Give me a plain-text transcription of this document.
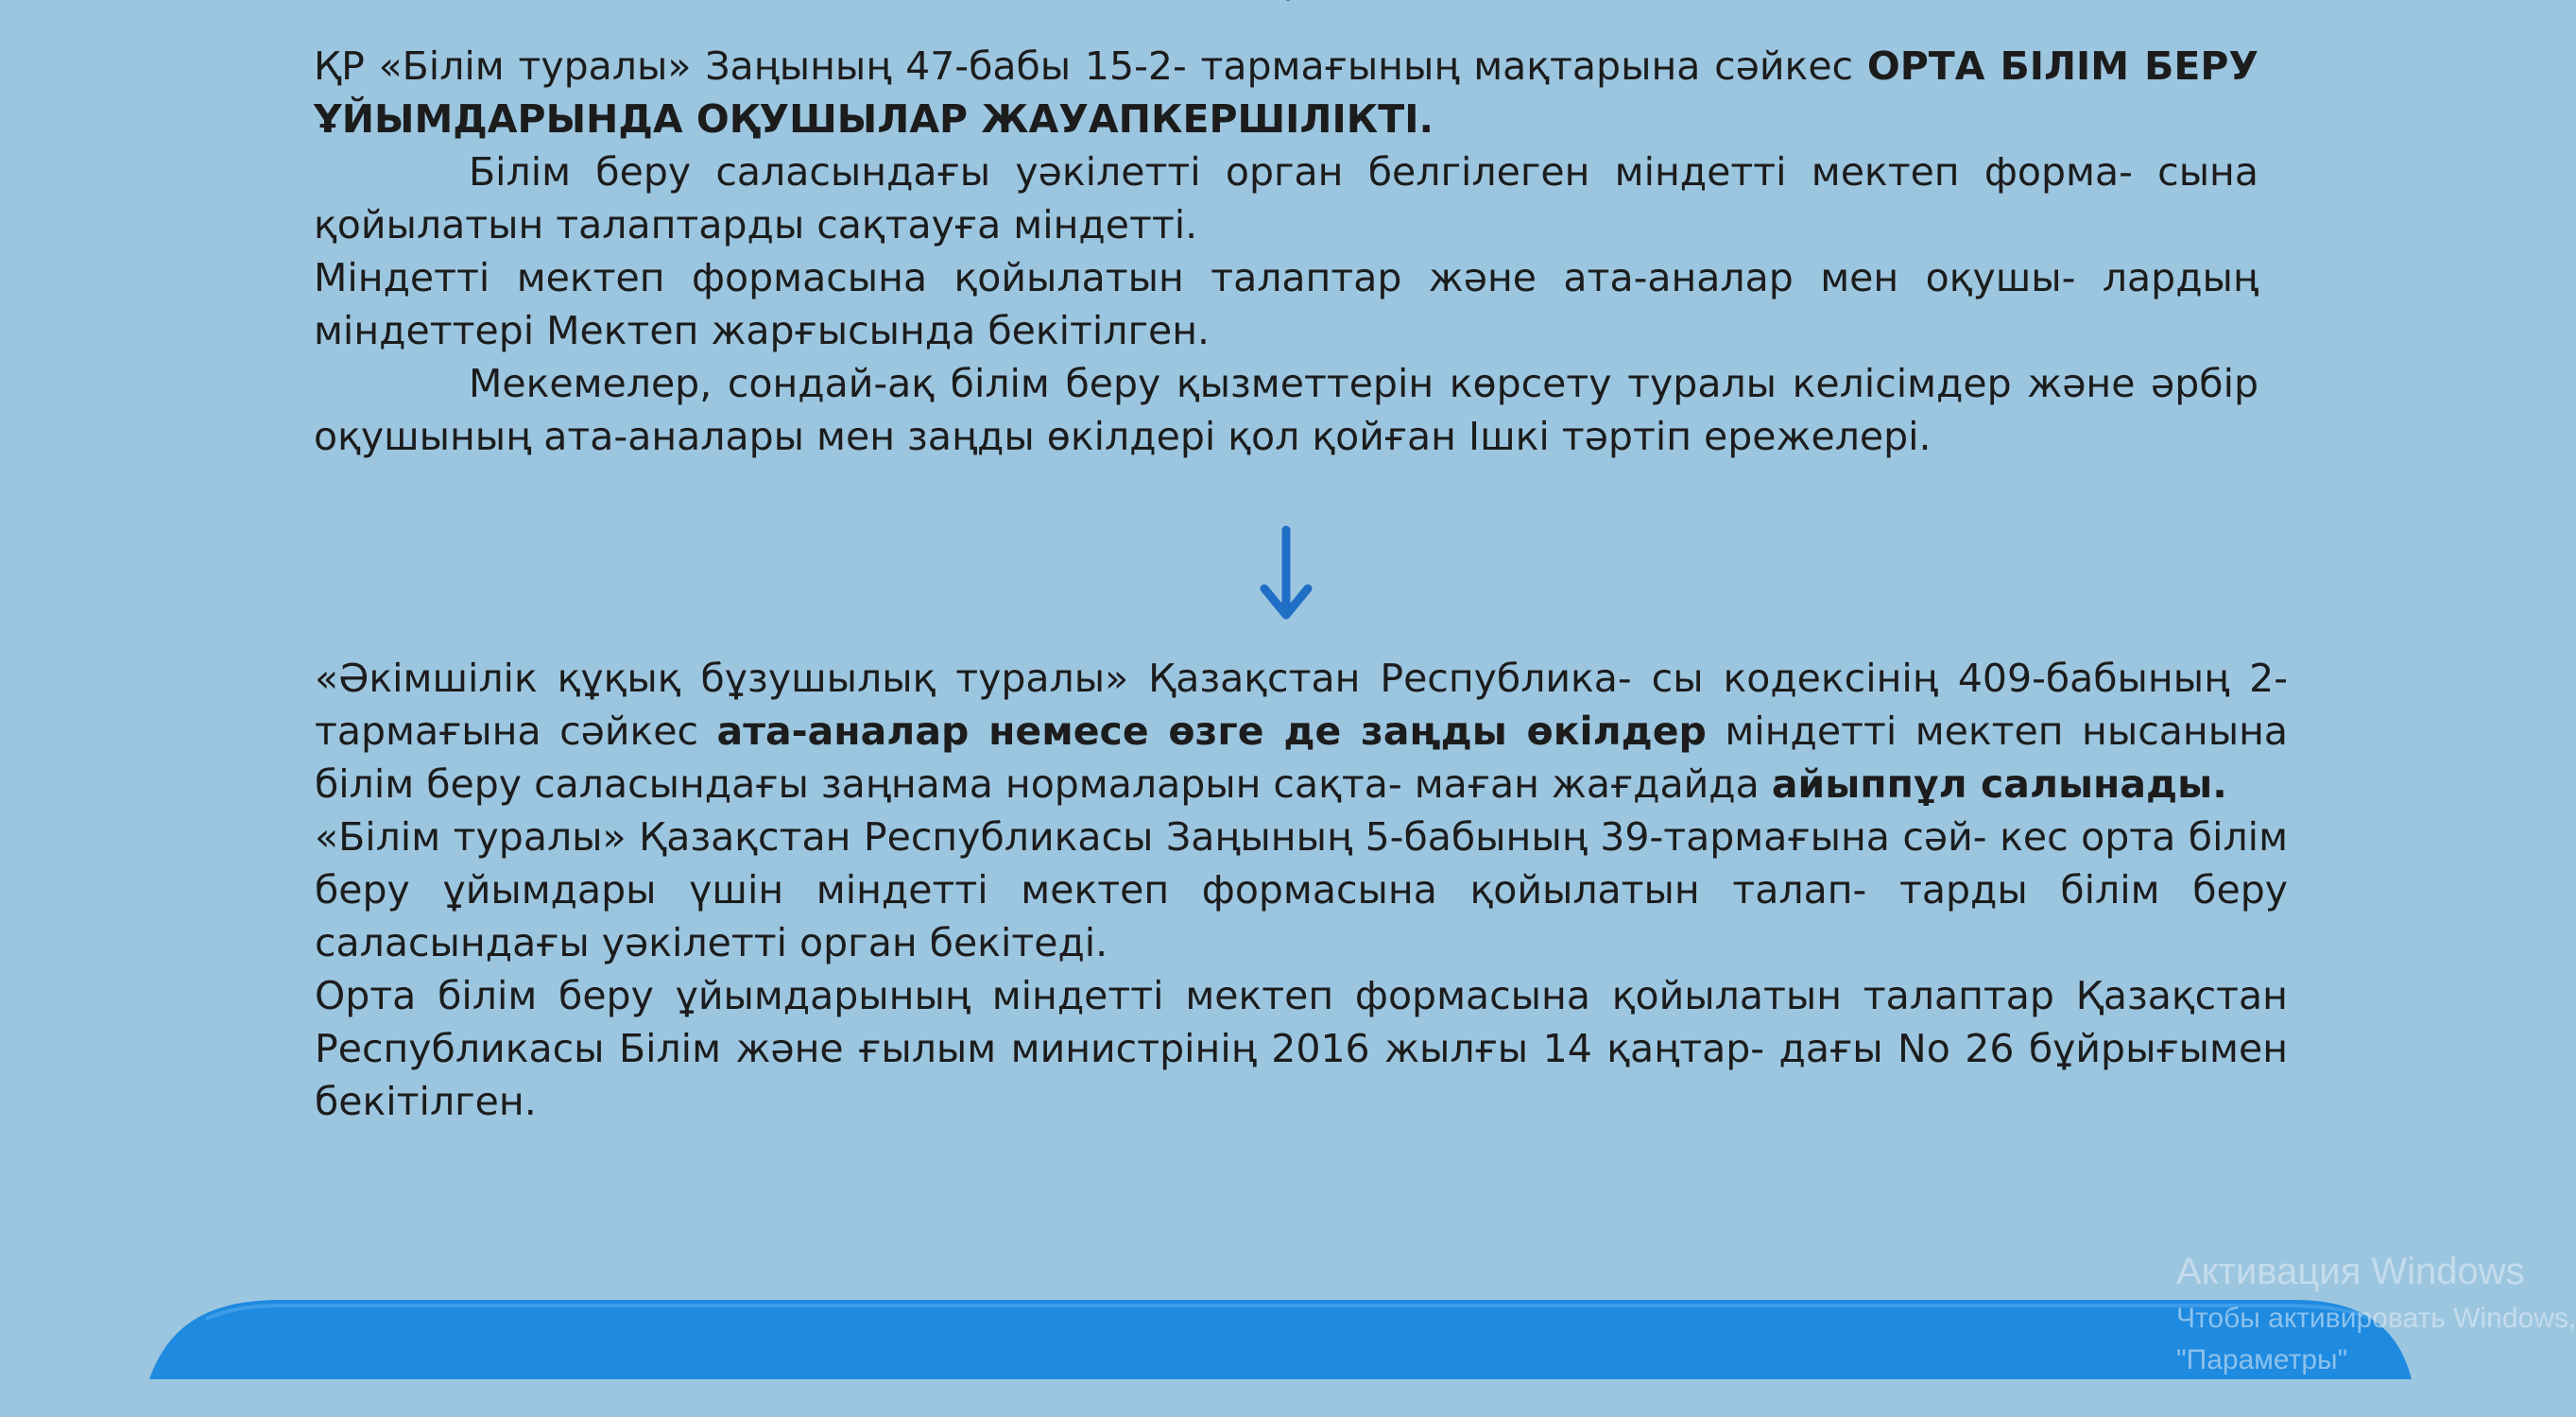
ҚР «Білім туралы» Заңының 47-бабы 15-2- тармағының мақтарына сәйкес ОРТА БІЛІМ БЕРУ ҰЙЫМДАРЫНДА ОҚУШЫЛАР ЖАУАПКЕРШІЛІКТІ.

Білім беру саласындағы уәкілетті орган белгілеген міндетті мектеп форма- сына қойылатын талаптарды сақтауға міндетті.

Міндетті мектеп формасына қойылатын талаптар және ата-аналар мен оқушы- лардың міндеттері Мектеп жарғысында бекітілген.

Мекемелер, сондай-ақ білім беру қызметтерін көрсету туралы келісімдер және әрбір оқушының ата-аналары мен заңды өкілдері қол қойған Ішкі тәртіп ережелері.

«Әкімшілік құқық бұзушылық туралы» Қазақстан Республика- сы кодексінің 409-бабының 2-тармағына сәйкес ата-аналар немесе өзге де заңды өкілдер міндетті мектеп нысанына білім беру саласындағы заңнама нормаларын сақта- маған жағдайда айыппұл салынады.

«Білім туралы» Қазақстан Республикасы Заңының 5-бабының 39-тармағына сәй- кес орта білім беру ұйымдары үшін міндетті мектеп формасына қойылатын талап- тарды білім беру саласындағы уәкілетті орган бекітеді.

Орта білім беру ұйымдарының міндетті мектеп формасына қойылатын талаптар Қазақстан Республикасы Білім және ғылым министрінің 2016 жылғы 14 қаңтар- дағы No 26 бұйрығымен бекітілген.

Активация Windows
Чтобы активировать Windows,
"Параметры"
